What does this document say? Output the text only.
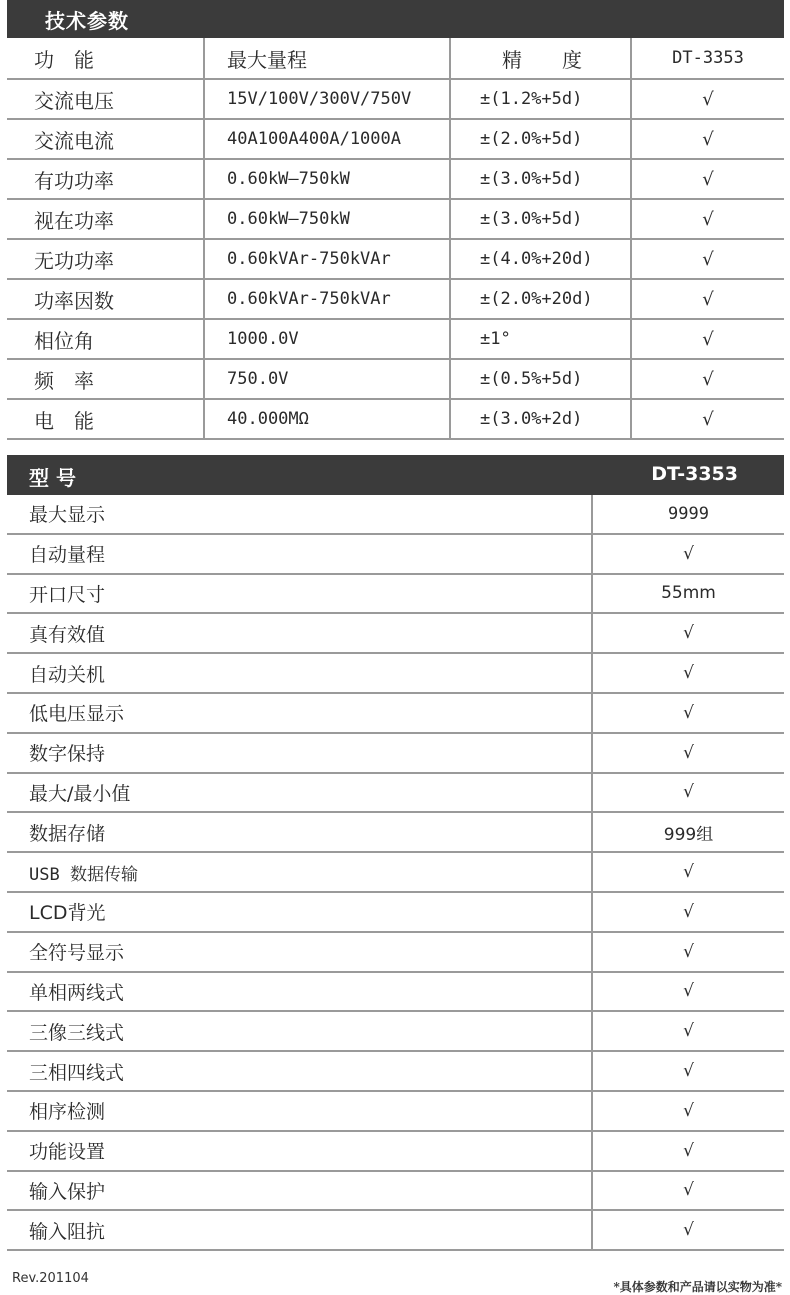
技术参数
功　能	最大量程	精　　度	DT-3353
交流电压	15V/100V/300V/750V	±(1.2%+5d)	√
交流电流	40A100A400A/1000A	±(2.0%+5d)	√
有功功率	0.60kW—750kW	±(3.0%+5d)	√
视在功率	0.60kW—750kW	±(3.0%+5d)	√
无功功率	0.60kVAr-750kVAr	±(4.0%+20d)	√
功率因数	0.60kVAr-750kVAr	±(2.0%+20d)	√
相位角	1000.0V	±1°	√
频　率	750.0V	±(0.5%+5d)	√
电　能	40.000MΩ	±(3.0%+2d)	√
型 号	DT-3353
最大显示	9999
自动量程	√
开口尺寸	55mm
真有效值	√
自动关机	√
低电压显示	√
数字保持	√
最大/最小值	√
数据存储	999组
USB 数据传输	√
LCD背光	√
全符号显示	√
单相两线式	√
三像三线式	√
三相四线式	√
相序检测	√
功能设置	√
输入保护	√
输入阻抗	√
Rev.201104
*具体参数和产品请以实物为准*
